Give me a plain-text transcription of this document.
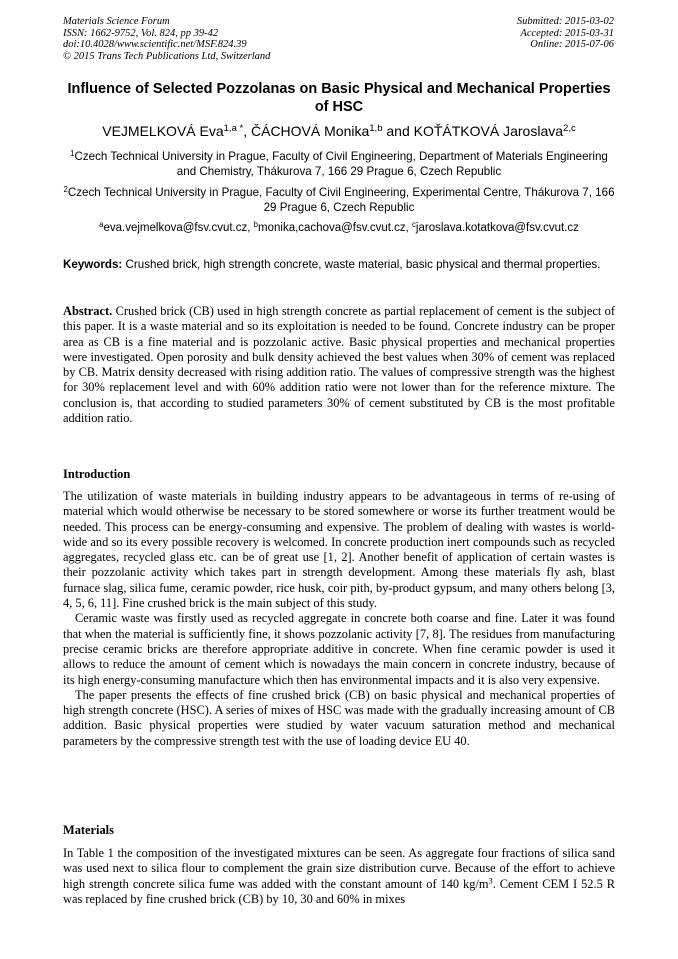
Materials Science Forum
ISSN: 1662-9752, Vol. 824, pp 39-42
doi:10.4028/www.scientific.net/MSF.824.39
© 2015 Trans Tech Publications Ltd, Switzerland
Submitted: 2015-03-02
Accepted: 2015-03-31
Online: 2015-07-06
Influence of Selected Pozzolanas on Basic Physical and Mechanical Properties of HSC
VEJMELKOVÁ Eva$^{1,a *}$, ČÁCHOVÁ Monika$^{1,b}$ and KOŤÁTKOVÁ Jaroslava$^{2,c}$
$^1$Czech Technical University in Prague, Faculty of Civil Engineering, Department of Materials Engineering and Chemistry, Thákurova 7, 166 29 Prague 6, Czech Republic
$^2$Czech Technical University in Prague, Faculty of Civil Engineering, Experimental Centre, Thákurova 7, 166 29 Prague 6, Czech Republic
$^a$eva.vejmelkova@fsv.cvut.cz, $^b$monika,cachova@fsv.cvut.cz, $^c$jaroslava.kotatkova@fsv.cvut.cz
Keywords: Crushed brick, high strength concrete, waste material, basic physical and thermal properties.
Abstract. Crushed brick (CB) used in high strength concrete as partial replacement of cement is the subject of this paper. It is a waste material and so its exploitation is needed to be found. Concrete industry can be proper area as CB is a fine material and is pozzolanic active. Basic physical properties and mechanical properties were investigated. Open porosity and bulk density achieved the best values when 30% of cement was replaced by CB. Matrix density decreased with rising addition ratio. The values of compressive strength was the highest for 30% replacement level and with 60% addition ratio were not lower than for the reference mixture. The conclusion is, that according to studied parameters 30% of cement substituted by CB is the most profitable addition ratio.
Introduction

The utilization of waste materials in building industry appears to be advantageous in terms of re-using of material which would otherwise be necessary to be stored somewhere or worse its further treatment would be needed. This process can be energy-consuming and expensive. The problem of dealing with wastes is world-wide and so its every possible recovery is welcomed. In concrete production inert compounds such as recycled aggregates, recycled glass etc. can be of great use [1, 2]. Another benefit of application of certain wastes is their pozzolanic activity which takes part in strength development. Among these materials fly ash, blast furnace slag, silica fume, ceramic powder, rice husk, coir pith, by-product gypsum, and many others belong [3, 4, 5, 6, 11]. Fine crushed brick is the main subject of this study.

Ceramic waste was firstly used as recycled aggregate in concrete both coarse and fine. Later it was found that when the material is sufficiently fine, it shows pozzolanic activity [7, 8]. The residues from manufacturing precise ceramic bricks are therefore appropriate additive in concrete. When fine ceramic powder is used it allows to reduce the amount of cement which is nowadays the main concern in concrete industry, because of its high energy-consuming manufacture which then has environmental impacts and it is also very expensive.

The paper presents the effects of fine crushed brick (CB) on basic physical and mechanical properties of high strength concrete (HSC). A series of mixes of HSC was made with the gradually increasing amount of CB addition. Basic physical properties were studied by water vacuum saturation method and mechanical parameters by the compressive strength test with the use of loading device EU 40.

Materials

In Table 1 the composition of the investigated mixtures can be seen. As aggregate four fractions of silica sand was used next to silica flour to complement the grain size distribution curve. Because of the effort to achieve high strength concrete silica fume was added with the constant amount of 140 $kg/m^3$. Cement CEM I 52.5 R was replaced by fine crushed brick (CB) by 10, 30 and 60% in mixes
